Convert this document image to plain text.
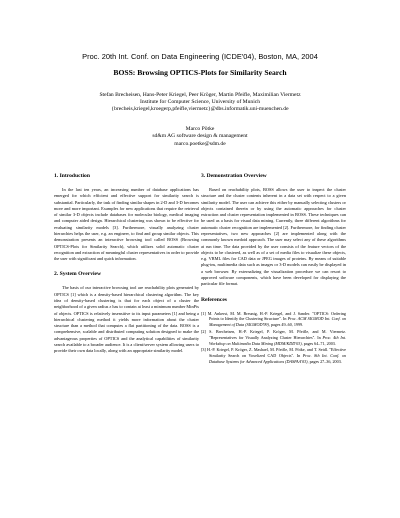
Proc. 20th Int. Conf. on Data Engineering (ICDE'04), Boston, MA, 2004
BOSS: Browsing OPTICS-Plots for Similarity Search
Stefan Brecheisen, Hans-Peter Kriegel, Peer Kröger, Martin Pfeifle, Maximilian Viermetz
Institute for Computer Science, University of Munich
{brecheis,kriegel,kroegerp,pfeifle,viermetz}@dbs.informatik.uni-muenchen.de
Marco Pötke
sd&m AG software design & management
marco.poetke@sdm.de
1. Introduction

In the last ten years, an increasing number of database applications has emerged for which efficient and effective support for similarity search is substantial. Particularly, the task of finding similar shapes in 2-D and 3-D becomes more and more important. Examples for new applications that require the retrieval of similar 3-D objects include databases for molecular biology, medical imaging and computer aided design. Hierarchical clustering was shown to be effective for evaluating similarity models [3]. Furthermore, visually analyzing cluster hierarchies helps the user, e.g. an engineer, to find and group similar objects. This demonstration presents an interactive browsing tool called BOSS (Browsing OPTICS-Plots for Similarity Search), which utilizes solid automatic cluster recognition and extraction of meaningful cluster representatives in order to provide the user with significant and quick information.

2. System Overview

The basis of our interactive browsing tool are reachability plots generated by OPTICS [1] which is a density-based hierarchical clustering algorithm. The key idea of density-based clustering is that for each object of a cluster the neighborhood of a given radius ε has to contain at least a minimum number MinPts of objects. OPTICS is relatively insensitive to its input parameters [1] and being a hierarchical clustering method it yields more information about the cluster structure than a method that computes a flat partitioning of the data. BOSS is a comprehensive, scalable and distributed computing solution designed to make the advantageous properties of OPTICS and the analytical capabilities of similarity search available to a broader audience. It is a client/server system allowing users to provide their own data locally, along with an appropriate similarity model.

3. Demonstration Overview

Based on reachability plots, BOSS allows the user to inspect the cluster structure and the cluster contents inherent in a data set with respect to a given similarity model. The user can achieve this either by manually selecting clusters or objects contained therein or by using the automatic approaches for cluster extraction and cluster representation implemented in BOSS. These techniques can be used as a basis for visual data mining. Currently, three different algorithms for automatic cluster recognition are implemented [2]. Furthermore, for finding cluster representatives, two new approaches [2] are implemented along with the commonly known medoid approach. The user may select any of these algorithms at run time. The data provided by the user consists of the feature vectors of the objects to be clustered, as well as of a set of media files to visualize these objects, e.g. VRML files for CAD data or JPEG images of proteins. By means of suitable plug-ins, multimedia data such as images or 3-D models can easily be displayed in a web browser. By externalizing the visualization procedure we can resort to approved software components, which have been developed for displaying the particular file format.

References
[1] M. Ankerst, M. M. Breunig, H.-P. Kriegel, and J. Sander. "OPTICS: Ordering Points to Identify the Clustering Structure". In Proc. ACM SIGMOD Int. Conf. on Management of Data (SIGMOD'99), pages 49–60, 1999.
[2] S. Brecheisen, H.-P. Kriegel, P. Kröger, M. Pfeifle, and M. Viermetz. "Representatives for Visually Analyzing Cluster Hierarchies". In Proc. 4th Int. Workshop on Multimedia Data Mining (MDM/KDD'03), pages 64–71, 2003.
[3] H.-P. Kriegel, P. Kröger, Z. Mashael, M. Pfeifle, M. Pötke, and T. Seidl. "Effective Similarity Search on Voxelized CAD Objects". In Proc. 8th Int. Conf. on Database Systems for Advanced Applications (DASFAA'03), pages 27–36, 2003.
